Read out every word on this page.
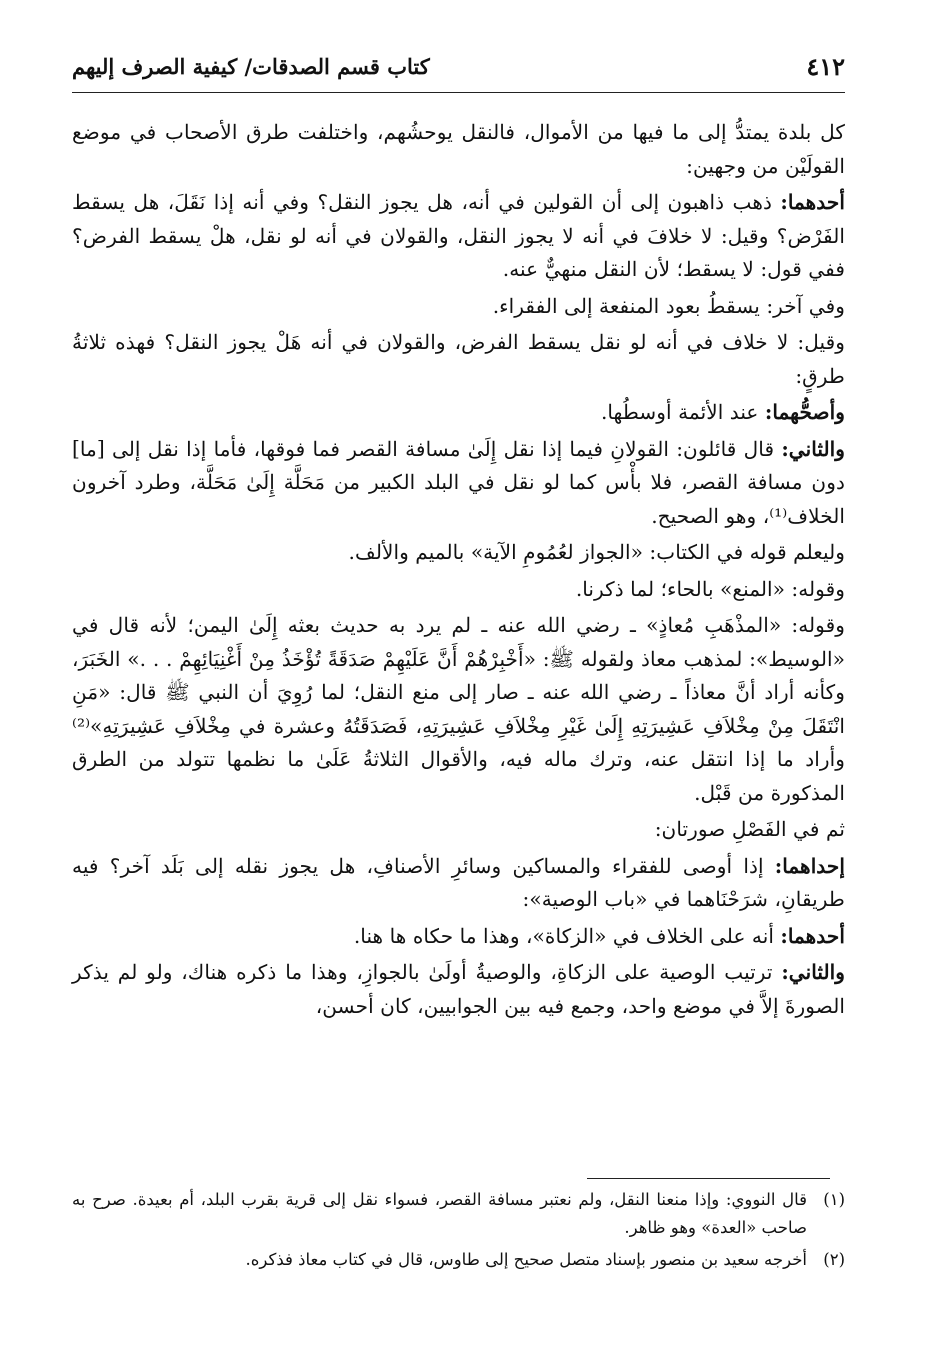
٤١٢
كتاب قسم الصدقات/ كيفية الصرف إليهم

كل بلدة يمتدُّ إلى ما فيها من الأموال، فالنقل يوحشُهم، واختلفت طرق الأصحاب في موضع القولَيْن من وجهين:

أحدهما: ذهب ذاهبون إلى أن القولين في أنه، هل يجوز النقل؟ وفي أنه إذا نَقَلَ، هل يسقط الفَرْض؟ وقيل: لا خلافَ في أنه لا يجوز النقل، والقولان في أنه لو نقل، هلْ يسقط الفرض؟ ففي قول: لا يسقط؛ لأن النقل منهيٌّ عنه.

وفي آخر: يسقطُ بعود المنفعة إلى الفقراء.

وقيل: لا خلاف في أنه لو نقل يسقط الفرض، والقولان في أنه هَلْ يجوز النقل؟ فهذه ثلاثةُ طرقٍ:

وأصحُّهما: عند الأئمة أوسطُها.

والثاني: قال قائلون: القولانِ فيما إذا نقل إِلَىٰ مسافة القصر فما فوقها، فأما إذا نقل إلى [ما] دون مسافة القصر، فلا بأْس كما لو نقل في البلد الكبير من مَحَلَّة إِلَىٰ مَحَلَّة، وطرد آخرون الخلاف⁽¹⁾، وهو الصحيح.

وليعلم قوله في الكتاب: «الجواز لعُمُومِ الآية» بالميم والألف.

وقوله: «المنع» بالحاء؛ لما ذكرنا.

وقوله: «المذْهَبِ مُعاذٍ» ـ رضي الله عنه ـ لم يرد به حديث بعثه إِلَىٰ اليمن؛ لأنه قال في «الوسيط»: لمذهب معاذ ولقوله ﷺ: «أَخْبِرْهُمْ أَنَّ عَلَيْهِمْ صَدَقَةً تُؤْخَذُ مِنْ أَغْنِيَائِهِمْ . . .» الخَبَرَ، وكأنه أراد أنَّ معاذاً ـ رضي الله عنه ـ صار إلى منع النقل؛ لما رُوِيَ أن النبي ﷺ قال: «مَنِ انْتَقَلَ مِنْ مِخْلاَفِ عَشِيرَتِهِ إِلَىٰ غَيْرِ مِخْلاَفِ عَشِيرَتِهِ، فَصَدَقَتُهُ وعشرة في مِخْلاَفِ عَشِيرَتِهِ»⁽²⁾ وأراد ما إذا انتقل عنه، وترك ماله فيه، والأقوال الثلاثةُ عَلَىٰ ما نظمها تتولد من الطرق المذكورة من قَبْل.

ثم في الفَصْلِ صورتان:

إحداهما: إذا أوصى للفقراء والمساكين وسائرِ الأصنافِ، هل يجوز نقله إلى بَلَد آخر؟ فيه طريقانِ، شرَحْنَاهما في «باب الوصية»:

أحدهما: أنه على الخلاف في «الزكاة»، وهذا ما حكاه ها هنا.

والثاني: ترتيب الوصية على الزكاةِ، والوصيةُ أولَىٰ بالجوازِ، وهذا ما ذكره هناك، ولو لم يذكر الصورةَ إلاَّ في موضع واحد، وجمع فيه بين الجوابيين، كان أحسن،

(١)
قال النووي: وإذا منعنا النقل، ولم نعتبر مسافة القصر، فسواء نقل إلى قرية بقرب البلد، أم بعيدة. صرح به صاحب «العدة» وهو ظاهر.
(٢)
أخرجه سعيد بن منصور بإسناد متصل صحيح إلى طاوس، قال في كتاب معاذ فذكره.
